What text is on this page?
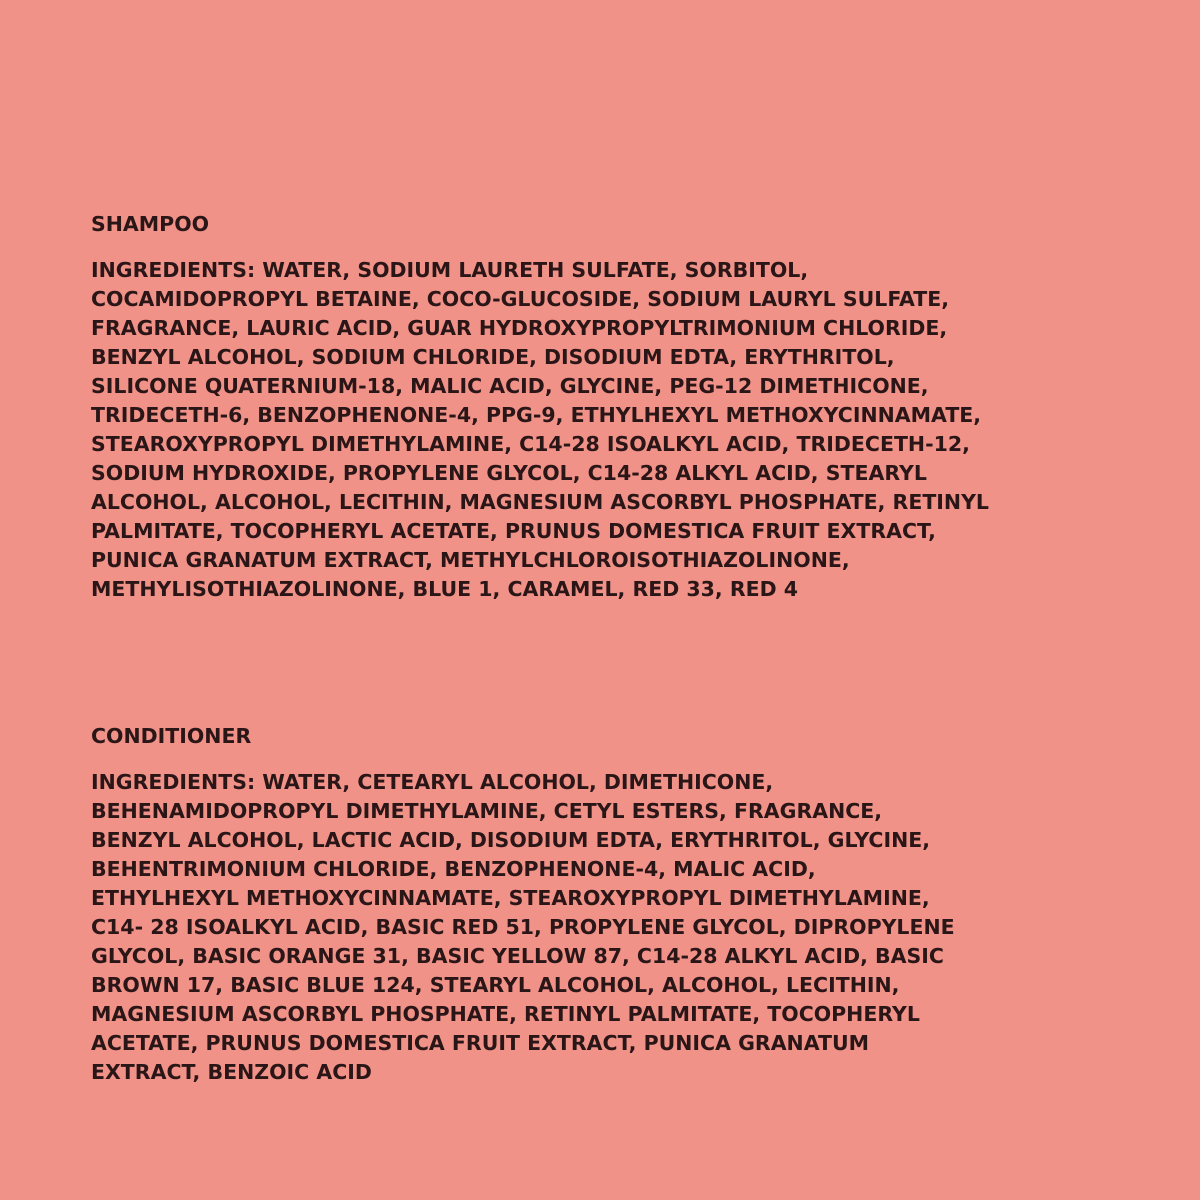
SHAMPOO
INGREDIENTS: WATER, SODIUM LAURETH SULFATE, SORBITOL,
COCAMIDOPROPYL BETAINE, COCO-GLUCOSIDE, SODIUM LAURYL SULFATE,
FRAGRANCE, LAURIC ACID, GUAR HYDROXYPROPYLTRIMONIUM CHLORIDE,
BENZYL ALCOHOL, SODIUM CHLORIDE, DISODIUM EDTA, ERYTHRITOL,
SILICONE QUATERNIUM-18, MALIC ACID, GLYCINE, PEG-12 DIMETHICONE,
TRIDECETH-6, BENZOPHENONE-4, PPG-9, ETHYLHEXYL METHOXYCINNAMATE,
STEAROXYPROPYL DIMETHYLAMINE, C14-28 ISOALKYL ACID, TRIDECETH-12,
SODIUM HYDROXIDE, PROPYLENE GLYCOL, C14-28 ALKYL ACID, STEARYL
ALCOHOL, ALCOHOL, LECITHIN, MAGNESIUM ASCORBYL PHOSPHATE, RETINYL
PALMITATE, TOCOPHERYL ACETATE, PRUNUS DOMESTICA FRUIT EXTRACT,
PUNICA GRANATUM EXTRACT, METHYLCHLOROISOTHIAZOLINONE,
METHYLISOTHIAZOLINONE, BLUE 1, CARAMEL, RED 33, RED 4
CONDITIONER
INGREDIENTS: WATER, CETEARYL ALCOHOL, DIMETHICONE,
BEHENAMIDOPROPYL DIMETHYLAMINE, CETYL ESTERS, FRAGRANCE,
BENZYL ALCOHOL, LACTIC ACID, DISODIUM EDTA, ERYTHRITOL, GLYCINE,
BEHENTRIMONIUM CHLORIDE, BENZOPHENONE-4, MALIC ACID,
ETHYLHEXYL METHOXYCINNAMATE, STEAROXYPROPYL DIMETHYLAMINE,
C14- 28 ISOALKYL ACID, BASIC RED 51, PROPYLENE GLYCOL, DIPROPYLENE
GLYCOL, BASIC ORANGE 31, BASIC YELLOW 87, C14-28 ALKYL ACID, BASIC
BROWN 17, BASIC BLUE 124, STEARYL ALCOHOL, ALCOHOL, LECITHIN,
MAGNESIUM ASCORBYL PHOSPHATE, RETINYL PALMITATE, TOCOPHERYL
ACETATE, PRUNUS DOMESTICA FRUIT EXTRACT, PUNICA GRANATUM
EXTRACT, BENZOIC ACID
